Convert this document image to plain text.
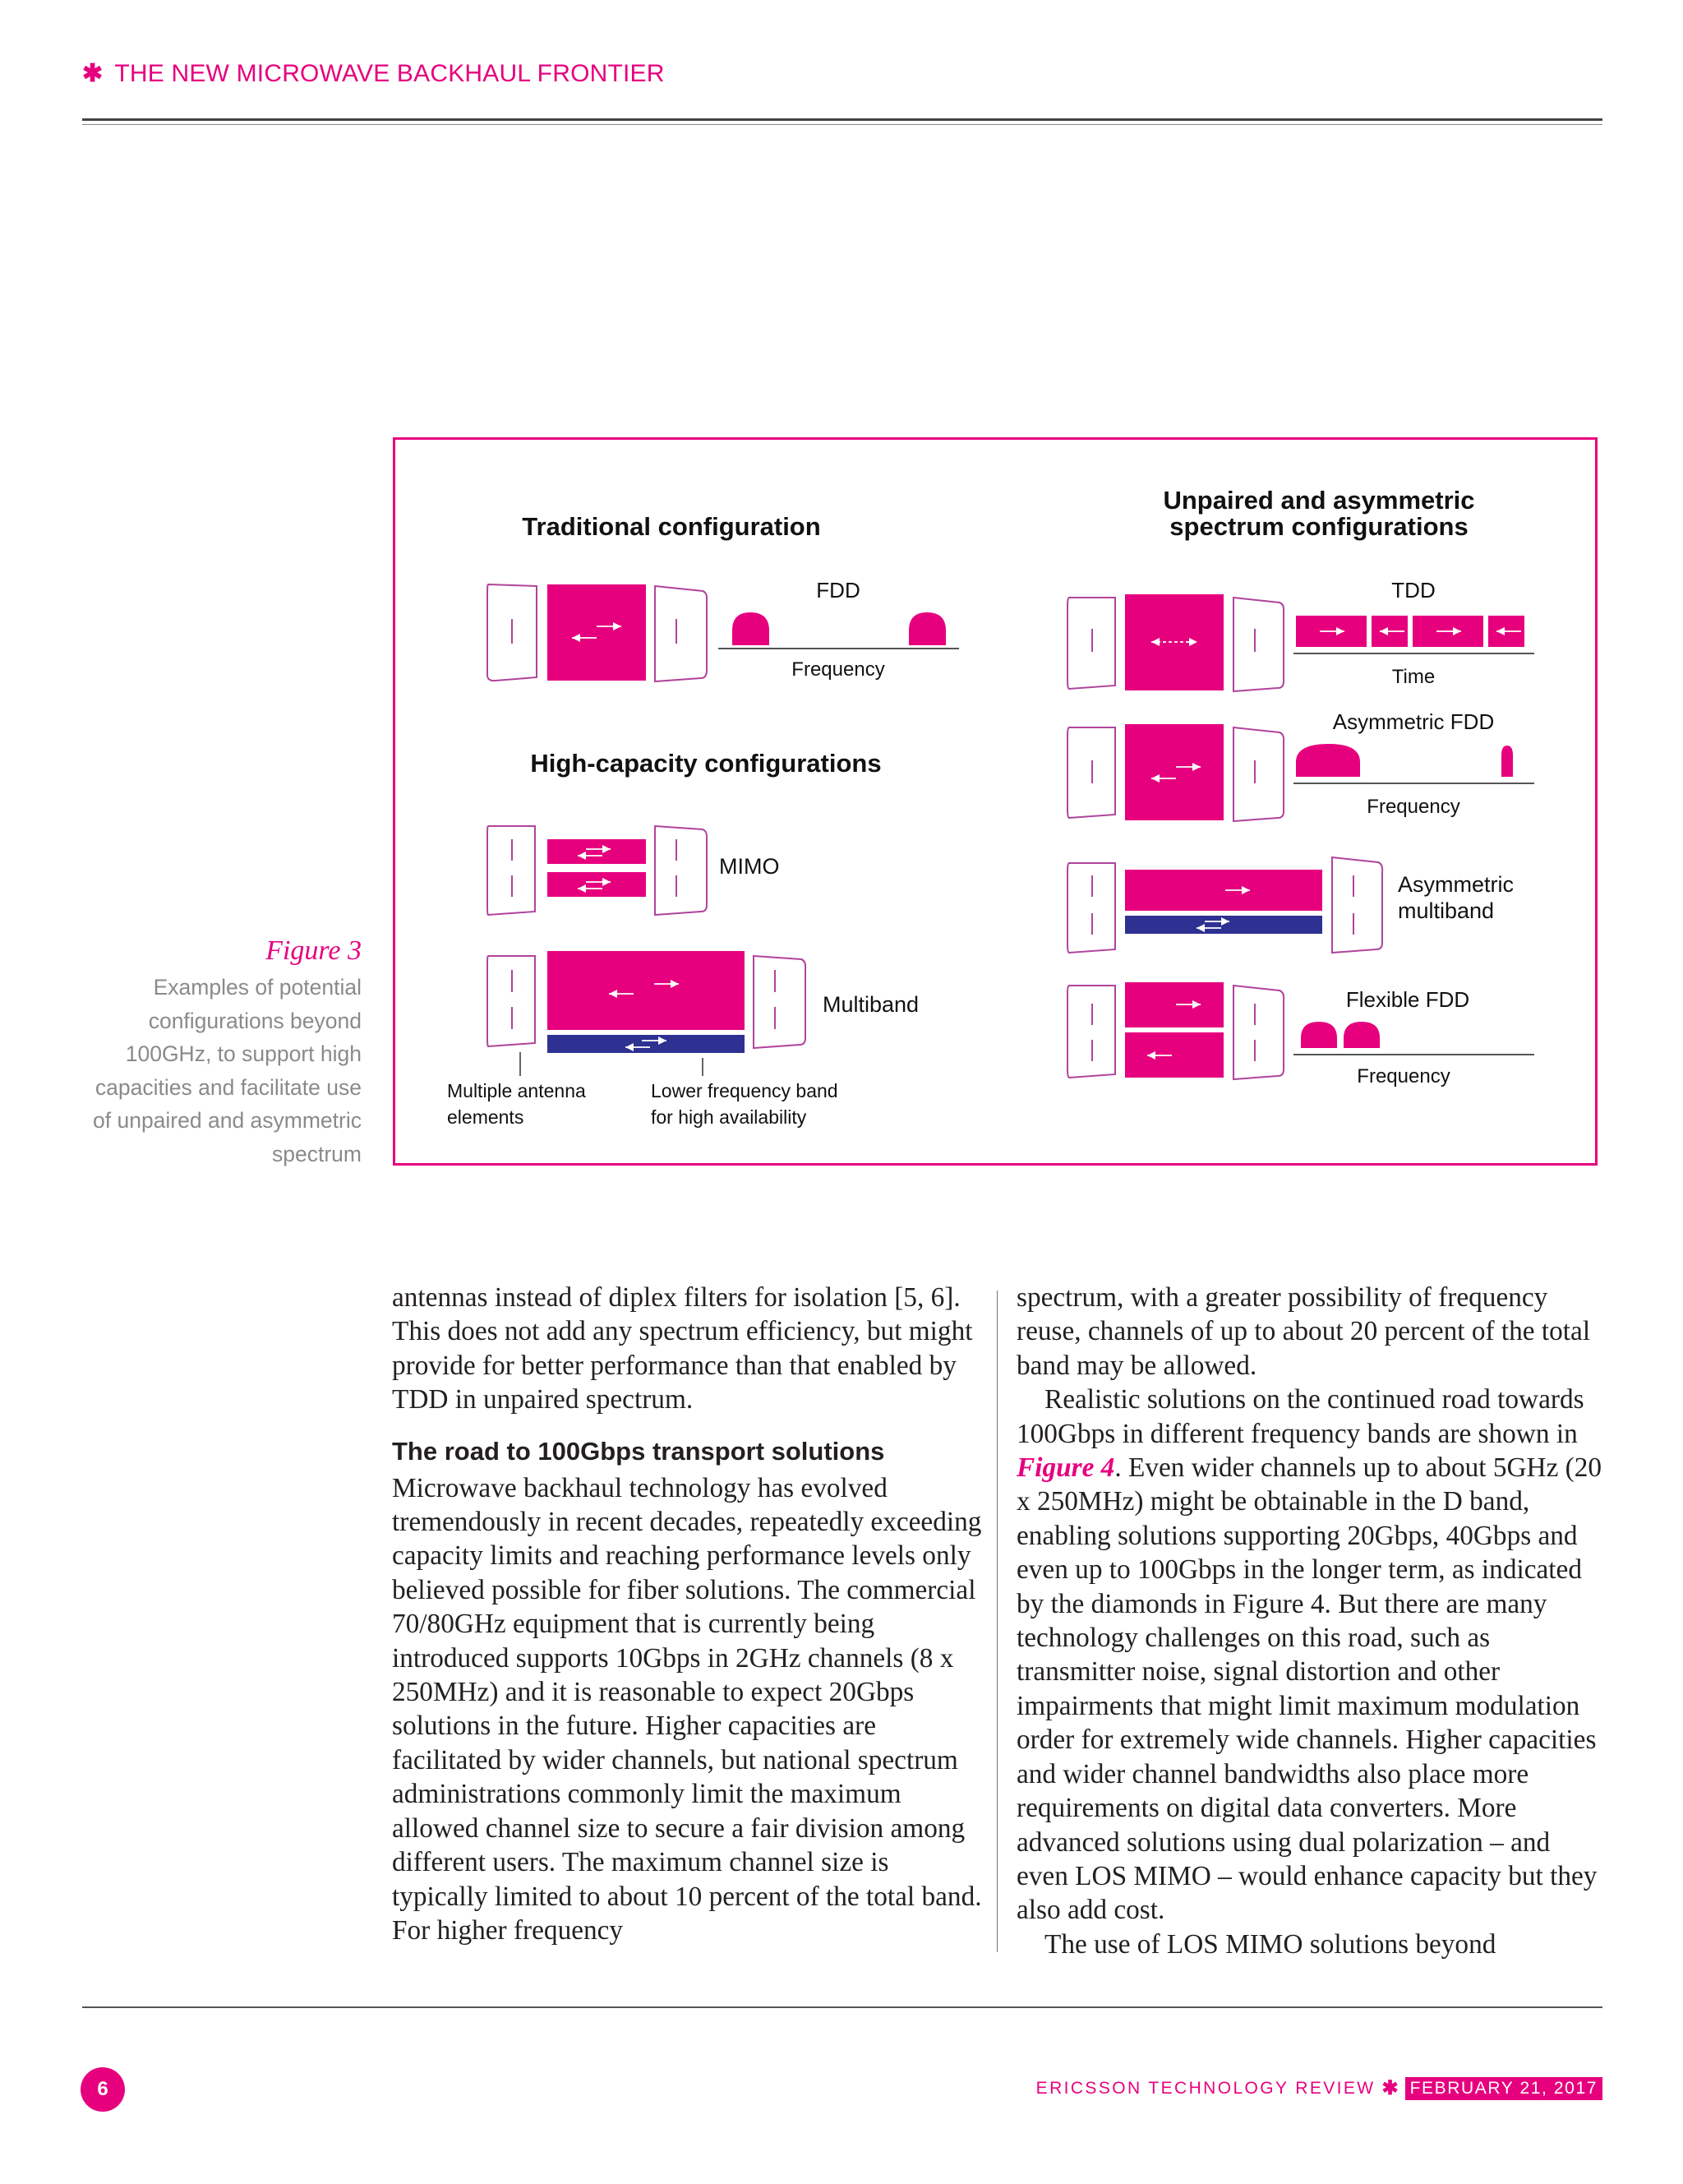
✱ THE NEW MICROWAVE BACKHAUL FRONTIER
Figure 3
Examples of potential configurations beyond 100GHz, to support high capacities and facilitate use of unpaired and asymmetric spectrum
Traditional configuration
High-capacity configurations
Unpaired and asymmetric
spectrum configurations
FDD
Frequency
MIMO
Multiband
Multiple antenna
elements
Lower frequency band
for high availability
TDD
Time
Asymmetric FDD
Frequency
Asymmetric
multiband
Flexible FDD
Frequency

antennas instead of diplex filters for isolation [5, 6]. This does not add any spectrum efficiency, but might provide for better performance than that enabled by TDD in unpaired spectrum.

The road to 100Gbps transport solutions

Microwave backhaul technology has evolved tremendously in recent decades, repeatedly exceeding capacity limits and reaching performance levels only believed possible for fiber solutions. The commercial 70/80GHz equipment that is currently being introduced supports 10Gbps in 2GHz channels (8 x 250MHz) and it is reasonable to expect 20Gbps solutions in the future. Higher capacities are facilitated by wider channels, but national spectrum administrations commonly limit the maximum allowed channel size to secure a fair division among different users. The maximum channel size is typically limited to about 10 percent of the total band. For higher frequency

spectrum, with a greater possibility of frequency reuse, channels of up to about 20 percent of the total band may be allowed.

Realistic solutions on the continued road towards 100Gbps in different frequency bands are shown in Figure 4. Even wider channels up to about 5GHz (20 x 250MHz) might be obtainable in the D band, enabling solutions supporting 20Gbps, 40Gbps and even up to 100Gbps in the longer term, as indicated by the diamonds in Figure 4. But there are many technology challenges on this road, such as transmitter noise, signal distortion and other impairments that might limit maximum modulation order for extremely wide channels. Higher capacities and wider channel bandwidths also place more requirements on digital data converters. More advanced solutions using dual polarization – and even LOS MIMO – would enhance capacity but they also add cost.

The use of LOS MIMO solutions beyond

6	ERICSSON TECHNOLOGY REVIEW ✱ FEBRUARY 21, 2017
